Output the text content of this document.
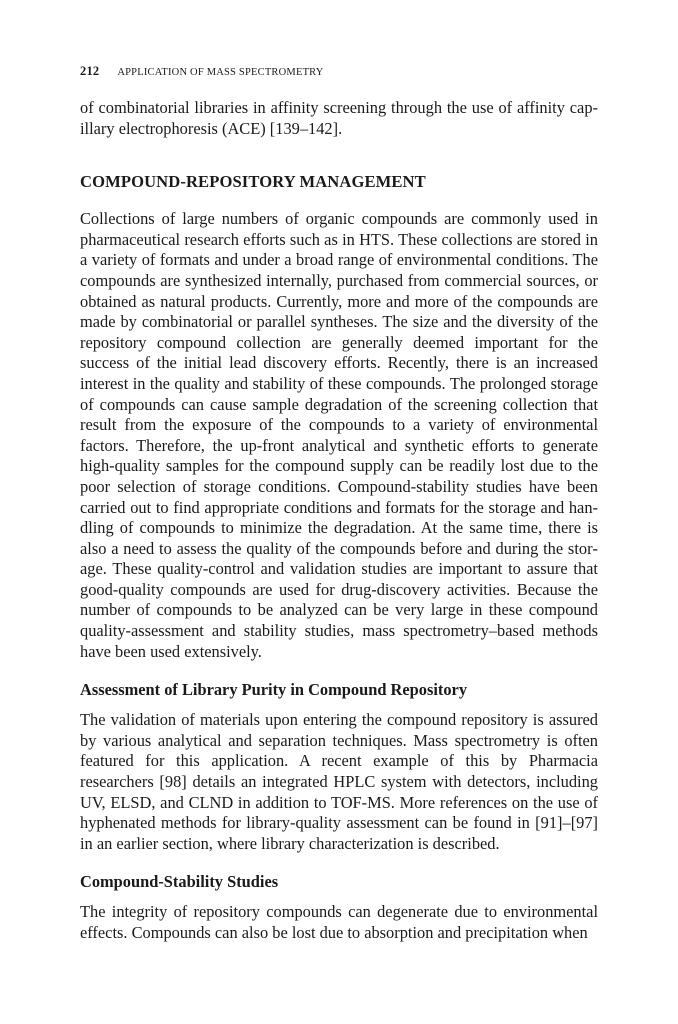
212 APPLICATION OF MASS SPECTROMETRY

of combinatorial libraries in affinity screening through the use of affinity capillary electrophoresis (ACE) [139–142].

COMPOUND-REPOSITORY MANAGEMENT

Collections of large numbers of organic compounds are commonly used in pharmaceutical research efforts such as in HTS. These collections are stored in a variety of formats and under a broad range of environmental conditions. The compounds are synthesized internally, purchased from commercial sources, or obtained as natural products. Currently, more and more of the compounds are made by combinatorial or parallel syntheses. The size and the diversity of the repository compound collection are generally deemed important for the success of the initial lead discovery efforts. Recently, there is an increased interest in the quality and stability of these compounds. The prolonged storage of compounds can cause sample degradation of the screening collection that result from the exposure of the compounds to a variety of environmental factors. Therefore, the up-front analytical and synthetic efforts to generate high-quality samples for the compound supply can be readily lost due to the poor selection of storage conditions. Compound-stability studies have been carried out to find appropriate conditions and formats for the storage and handling of compounds to minimize the degradation. At the same time, there is also a need to assess the quality of the compounds before and during the storage. These quality-control and validation studies are important to assure that good-quality compounds are used for drug-discovery activities. Because the number of compounds to be analyzed can be very large in these compound quality-assessment and stability studies, mass spectrometry–based methods have been used extensively.

Assessment of Library Purity in Compound Repository

The validation of materials upon entering the compound repository is assured by various analytical and separation techniques. Mass spectrometry is often featured for this application. A recent example of this by Pharmacia researchers [98] details an integrated HPLC system with detectors, including UV, ELSD, and CLND in addition to TOF-MS. More references on the use of hyphenated methods for library-quality assessment can be found in [91]–[97] in an earlier section, where library characterization is described.

Compound-Stability Studies

The integrity of repository compounds can degenerate due to environmental effects. Compounds can also be lost due to absorption and precipitation when
